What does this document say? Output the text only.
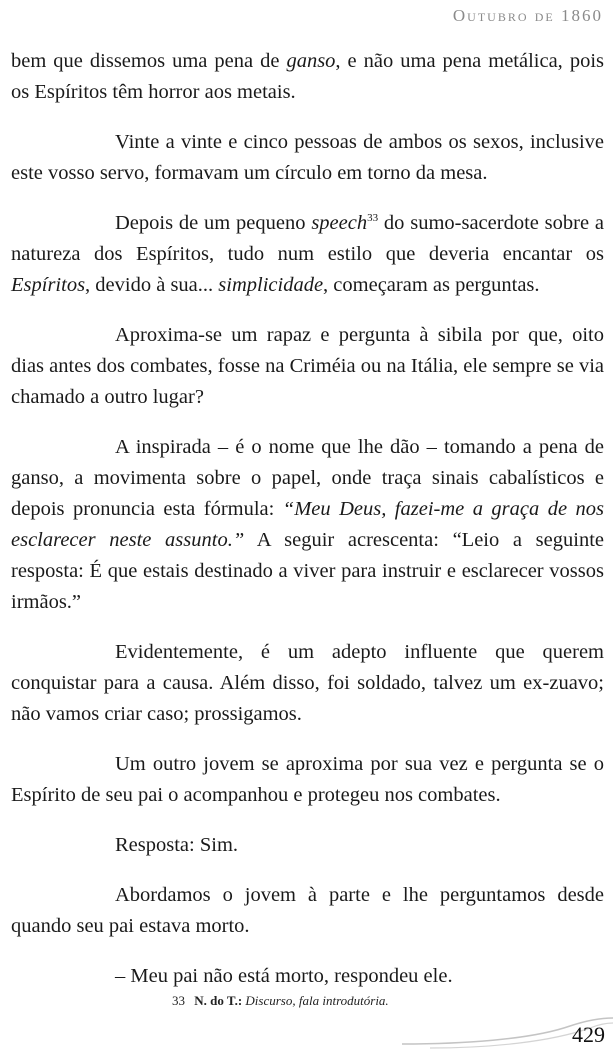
Outubro de 1860

bem que dissemos uma pena de ganso, e não uma pena metálica, pois os Espíritos têm horror aos metais.

Vinte a vinte e cinco pessoas de ambos os sexos, inclusive este vosso servo, formavam um círculo em torno da mesa.

Depois de um pequeno speech$^{33}$ do sumo-sacerdote sobre a natureza dos Espíritos, tudo num estilo que deveria encantar os Espíritos, devido à sua... simplicidade, começaram as perguntas.

Aproxima-se um rapaz e pergunta à sibila por que, oito dias antes dos combates, fosse na Criméia ou na Itália, ele sempre se via chamado a outro lugar?

A inspirada – é o nome que lhe dão – tomando a pena de ganso, a movimenta sobre o papel, onde traça sinais cabalísticos e depois pronuncia esta fórmula: “Meu Deus, fazei-me a graça de nos esclarecer neste assunto.” A seguir acrescenta: “Leio a seguinte resposta: É que estais destinado a viver para instruir e esclarecer vossos irmãos.”

Evidentemente, é um adepto influente que querem conquistar para a causa. Além disso, foi soldado, talvez um ex-zuavo; não vamos criar caso; prossigamos.

Um outro jovem se aproxima por sua vez e pergunta se o Espírito de seu pai o acompanhou e protegeu nos combates.

Resposta: Sim.

Abordamos o jovem à parte e lhe perguntamos desde quando seu pai estava morto.

– Meu pai não está morto, respondeu ele.

33 N. do T.: Discurso, fala introdutória.
429
